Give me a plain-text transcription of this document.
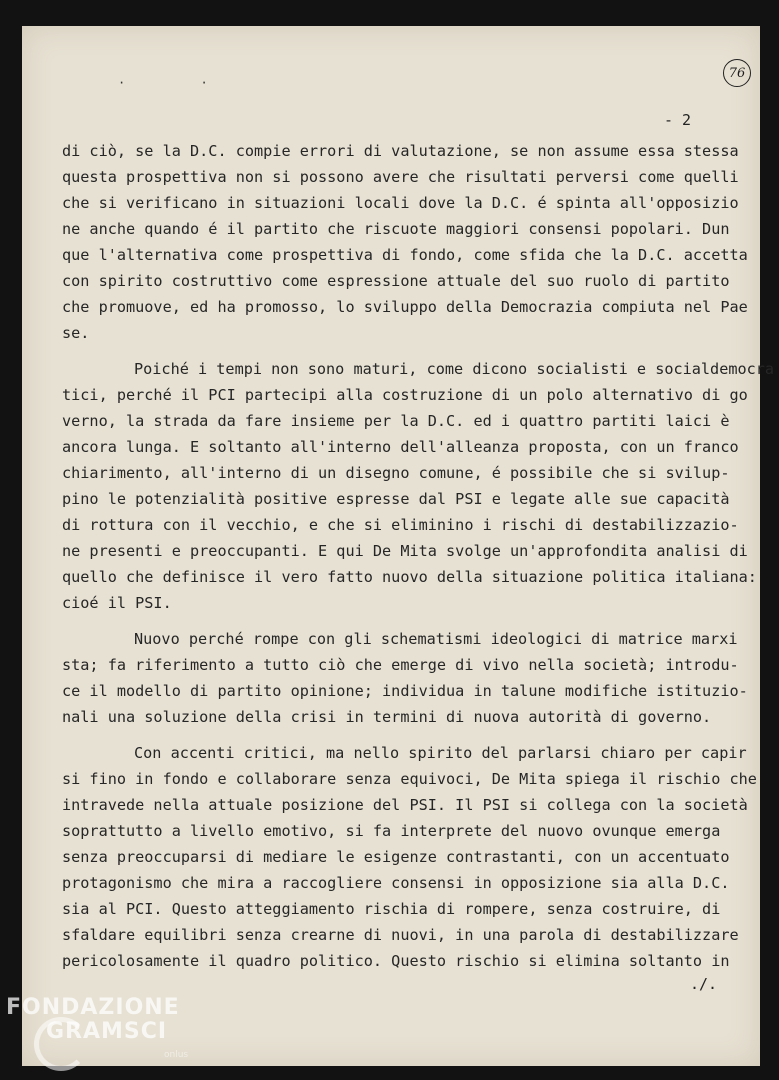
· ·
76
- 2

di ciò, se la D.C. compie errori di valutazione, se non assume essa stessa
questa prospettiva non si possono avere che risultati perversi come quelli
che si verificano in situazioni locali dove la D.C. é spinta all'opposizio
ne anche quando é il partito che riscuote maggiori consensi popolari. Dun
que l'alternativa come prospettiva di fondo, come sfida che la D.C. accetta
con spirito costruttivo come espressione attuale del suo ruolo di partito
che promuove, ed ha promosso, lo sviluppo della Democrazia compiuta nel Pae
se.

Poiché i tempi non sono maturi, come dicono socialisti e socialdemocra
tici, perché il PCI partecipi alla costruzione di un polo alternativo di go
verno, la strada da fare insieme per la D.C. ed i quattro partiti laici è
ancora lunga. E soltanto all'interno dell'alleanza proposta, con un franco
chiarimento, all'interno di un disegno comune, é possibile che si svilup-
pino le potenzialità positive espresse dal PSI e legate alle sue capacità
di rottura con il vecchio, e che si eliminino i rischi di destabilizzazio-
ne presenti e preoccupanti. E qui De Mita svolge un'approfondita analisi di
quello che definisce il vero fatto nuovo della situazione politica italiana:
cioé il PSI.

Nuovo perché rompe con gli schematismi ideologici di matrice marxi
sta; fa riferimento a tutto ciò che emerge di vivo nella società; introdu-
ce il modello di partito opinione; individua in talune modifiche istituzio-
nali una soluzione della crisi in termini di nuova autorità di governo.

Con accenti critici, ma nello spirito del parlarsi chiaro per capir
si fino in fondo e collaborare senza equivoci, De Mita spiega il rischio che
intravede nella attuale posizione del PSI. Il PSI si collega con la società
soprattutto a livello emotivo, si fa interprete del nuovo ovunque emerga
senza preoccuparsi di mediare le esigenze contrastanti, con un accentuato
protagonismo che mira a raccogliere consensi in opposizione sia alla D.C.
sia al PCI. Questo atteggiamento rischia di rompere, senza costruire, di
sfaldare equilibri senza crearne di nuovi, in una parola di destabilizzare
pericolosamente il quadro politico. Questo rischio si elimina soltanto in

./.
FONDAZIONE
GRAMSCI
onlus
